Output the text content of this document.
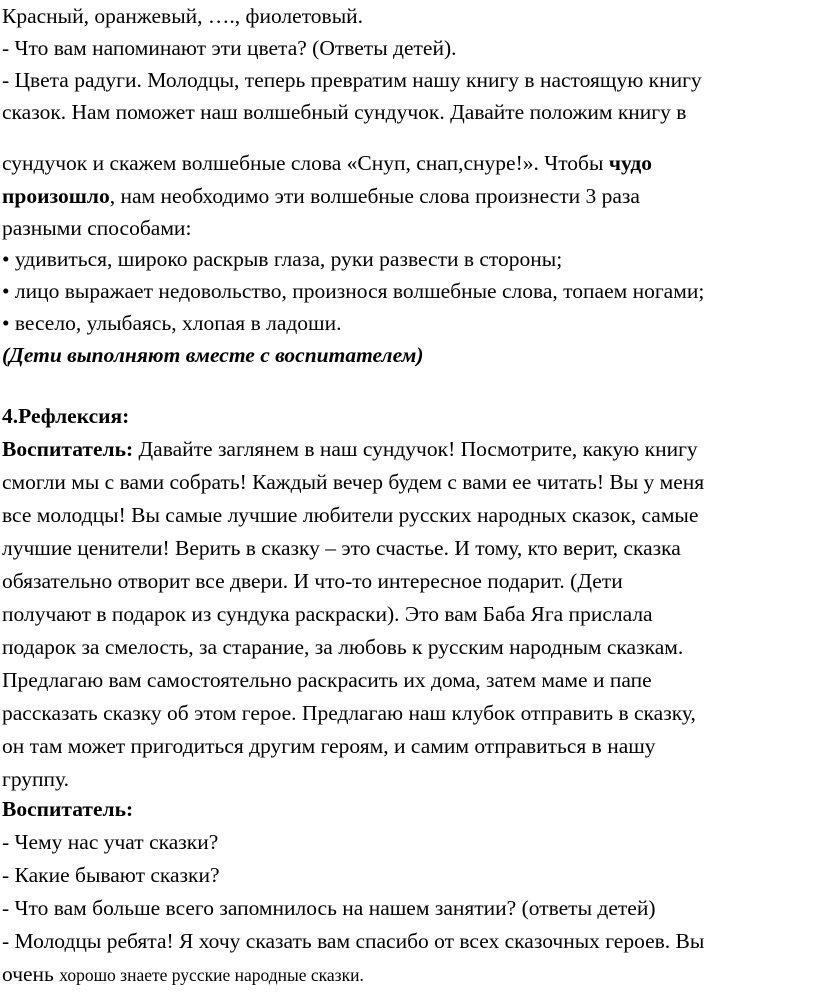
Красный, оранжевый, …., фиолетовый.
- Что вам напоминают эти цвета? (Ответы детей).
- Цвета радуги. Молодцы, теперь превратим нашу книгу в настоящую книгу
сказок. Нам поможет наш волшебный сундучок. Давайте положим книгу в
сундучок и скажем волшебные слова «Снуп, снап,снуре!». Чтобы чудо
произошло, нам необходимо эти волшебные слова произнести 3 раза
разными способами:
• удивиться, широко раскрыв глаза, руки развести в стороны;
• лицо выражает недовольство, произнося волшебные слова, топаем ногами;
• весело, улыбаясь, хлопая в ладоши.
(Дети выполняют вместе с воспитателем)
4.Рефлексия:
Воспитатель: Давайте заглянем в наш сундучок! Посмотрите, какую книгу
смогли мы с вами собрать! Каждый вечер будем с вами ее читать! Вы у меня
все молодцы! Вы самые лучшие любители русских народных сказок, самые
лучшие ценители! Верить в сказку – это счастье. И тому, кто верит, сказка
обязательно отворит все двери. И что-то интересное подарит. (Дети
получают в подарок из сундука раскраски). Это вам Баба Яга прислала
подарок за смелость, за старание, за любовь к русским народным сказкам.
Предлагаю вам самостоятельно раскрасить их дома, затем маме и папе
рассказать сказку об этом герое. Предлагаю наш клубок отправить в сказку,
он там может пригодиться другим героям, и самим отправиться в нашу
группу.
Воспитатель:
- Чему нас учат сказки?
- Какие бывают сказки?
- Что вам больше всего запомнилось на нашем занятии? (ответы детей)
- Молодцы ребята! Я хочу сказать вам спасибо от всех сказочных героев. Вы
очень хорошо знаете русские народные сказки.
